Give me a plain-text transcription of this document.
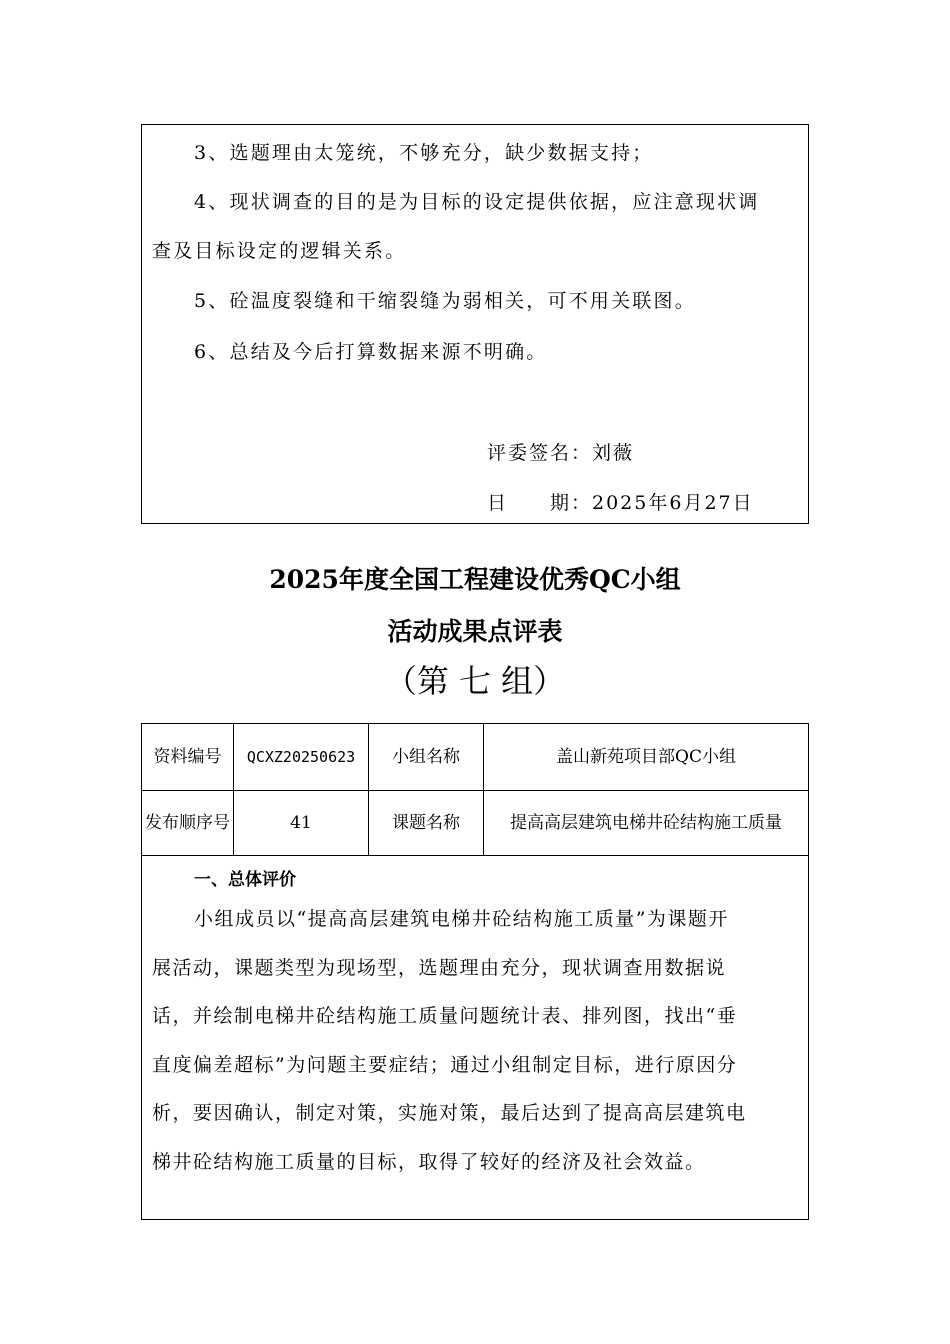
3、选题理由太笼统，不够充分，缺少数据支持；
4、现状调查的目的是为目标的设定提供依据，应注意现状调
查及目标设定的逻辑关系。
5、砼温度裂缝和干缩裂缝为弱相关，可不用关联图。
6、总结及今后打算数据来源不明确。
评委签名：刘薇
日　　期：2025年6月27日
2025年度全国工程建设优秀QC小组
活动成果点评表
（第 七 组）
资料编号	QCXZ20250623	小组名称	盖山新苑项目部QC小组
发布顺序号	41	课题名称	提高高层建筑电梯井砼结构施工质量
一、总体评价
小组成员以“提高高层建筑电梯井砼结构施工质量”为课题开
展活动，课题类型为现场型，选题理由充分，现状调查用数据说
话，并绘制电梯井砼结构施工质量问题统计表、排列图，找出“垂
直度偏差超标”为问题主要症结；通过小组制定目标，进行原因分
析，要因确认，制定对策，实施对策，最后达到了提高高层建筑电
梯井砼结构施工质量的目标，取得了较好的经济及社会效益。
